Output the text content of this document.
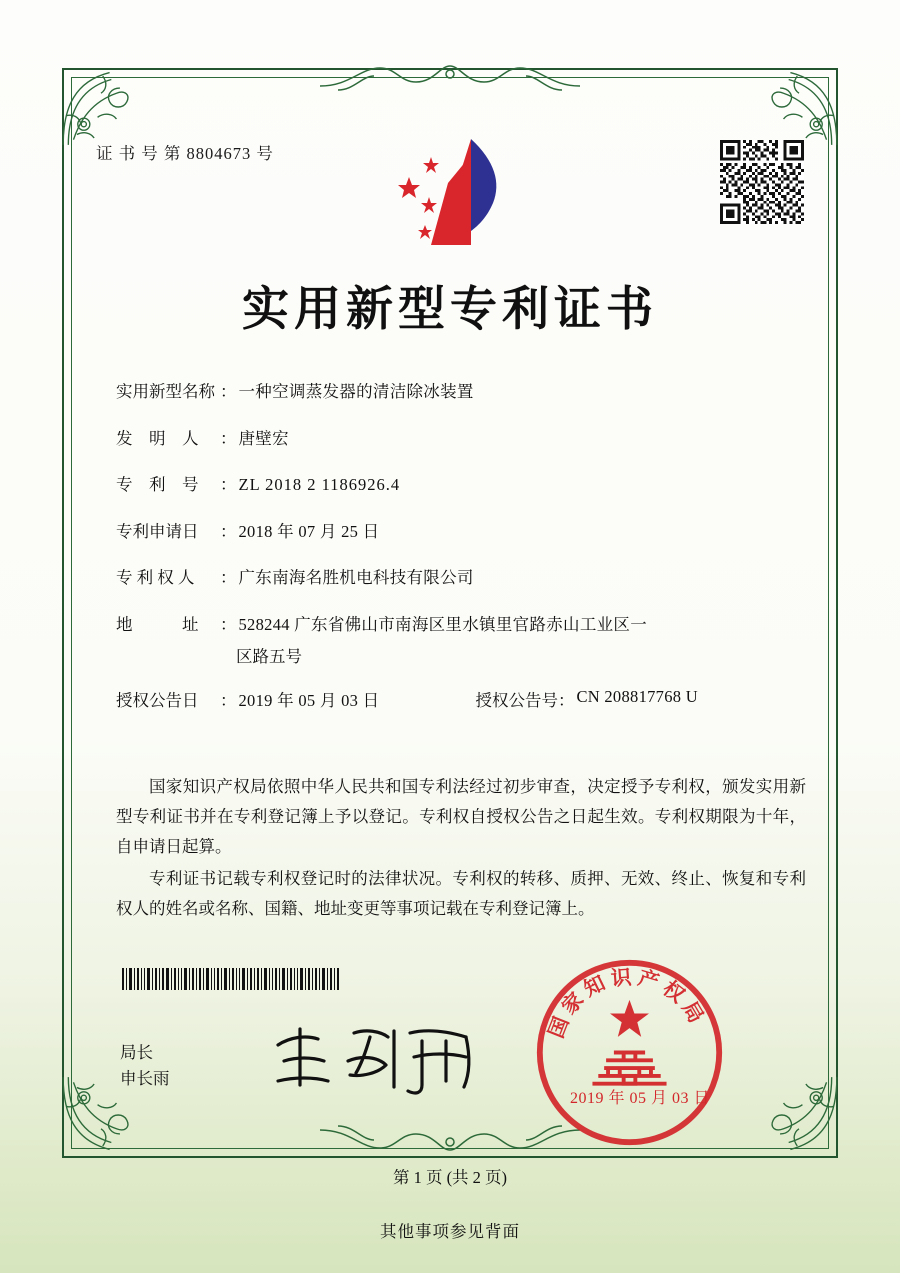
证 书 号 第 8804673 号
实用新型专利证书
实用新型名称 ： 一种空调蒸发器的清洁除冰装置
发　明　人	： 唐壁宏
专　利　号	： ZL 2018 2 1186926.4
专利申请日	： 2018 年 07 月 25 日
专 利 权 人	： 广东南海名胜机电科技有限公司
地　　　址	： 528244 广东省佛山市南海区里水镇里官路赤山工业区一
区路五号
授权公告日	： 2019 年 05 月 03 日	授权公告号 ： CN 208817768 U

国家知识产权局依照中华人民共和国专利法经过初步审查，决定授予专利权，颁发实用新型专利证书并在专利登记簿上予以登记。专利权自授权公告之日起生效。专利权期限为十年，自申请日起算。

专利证书记载专利权登记时的法律状况。专利权的转移、质押、无效、终止、恢复和专利权人的姓名或名称、国籍、地址变更等事项记载在专利登记簿上。

局长
申长雨
国家知识产权局
2019 年 05 月 03 日
第 1 页 (共 2 页)
其他事项参见背面
